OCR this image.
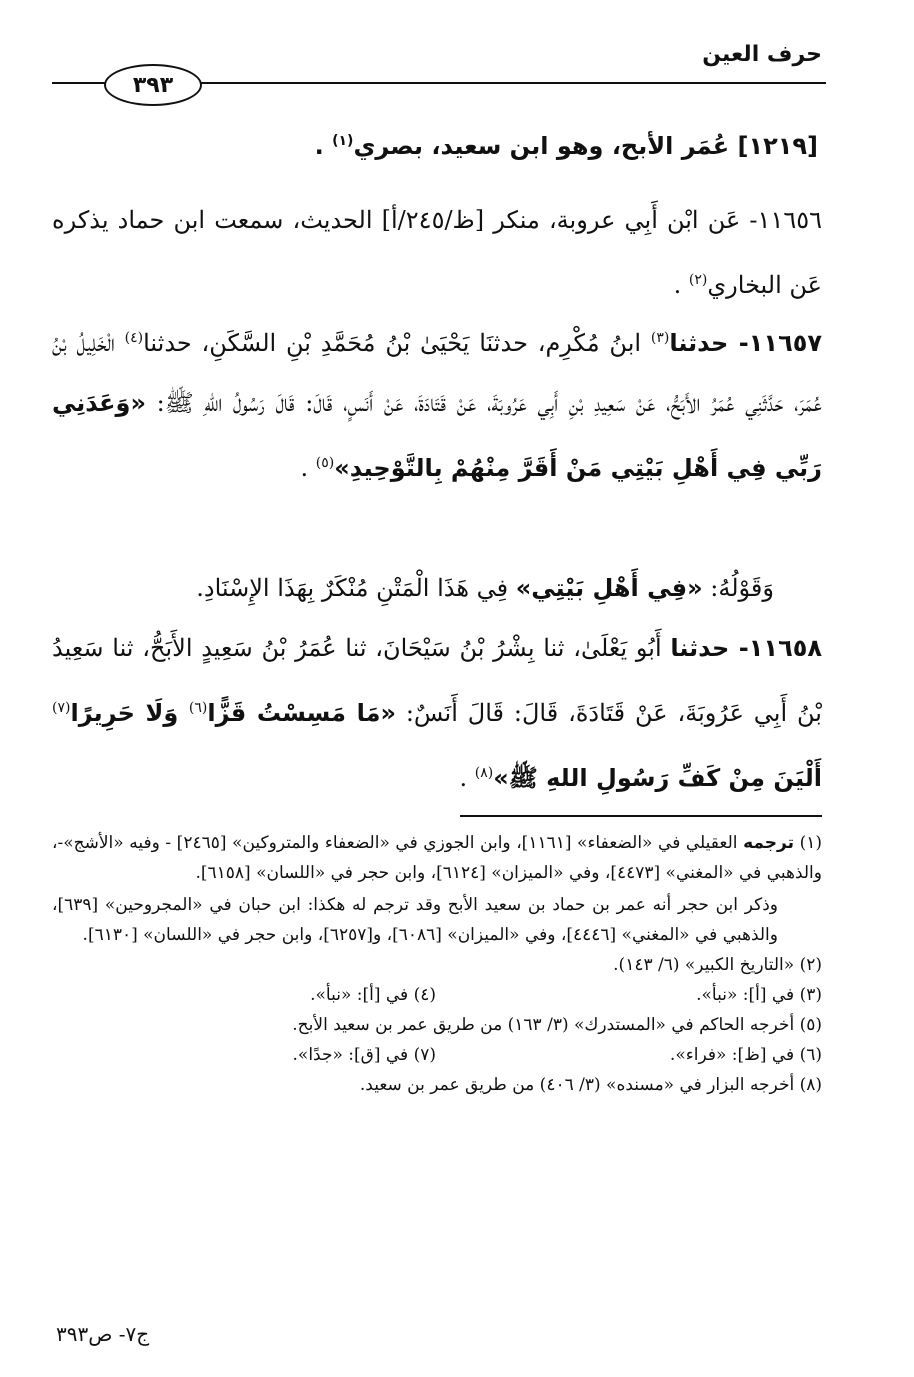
حرف العين
٣٩٣
[١٢١٩] عُمَر الأبح، وهو ابن سعيد، بصري$^{(١)}$ .
١١٦٥٦- عَن ابْن أَبِي عروبة، منكر [ظ/٢٤٥/أ] الحديث، سمعت ابن حماد يذكره عَن البخاري$^{(٢)}$ .
١١٦٥٧- حدثنا$^{(٣)}$ ابنُ مُكْرِم، حدثنَا يَحْيَىٰ بْنُ مُحَمَّدِ بْنِ السَّكَنِ، حدثنا$^{(٤)}$ الْخَلِيلُ بْنُ عُمَرَ، حَدَّثَنِي عُمَرُ الأَبَحُّ، عَنْ سَعِيدِ بْنِ أَبِي عَرُوبَةَ، عَنْ قَتَادَةَ، عَنْ أَنَسٍ، قَالَ: قَالَ رَسُولُ اللهِ ﷺ: «وَعَدَنِي رَبِّي فِي أَهْلِ بَيْتِي مَنْ أَقَرَّ مِنْهُمْ بِالتَّوْحِيدِ»$^{(٥)}$ .
وَقَوْلُهُ: «فِي أَهْلِ بَيْتِي» فِي هَذَا الْمَتْنِ مُنْكَرٌ بِهَذَا الإِسْنَادِ.
١١٦٥٨- حدثنا أَبُو يَعْلَىٰ، ثنا بِشْرُ بْنُ سَيْحَانَ، ثنا عُمَرُ بْنُ سَعِيدٍ الأَبَحُّ، ثنا سَعِيدُ بْنُ أَبِي عَرُوبَةَ، عَنْ قَتَادَةَ، قَالَ: قَالَ أَنَسٌ: «مَا مَسِسْتُ قَزًّا$^{(٦)}$ وَلَا حَرِيرًا$^{(٧)}$ أَلْيَنَ مِنْ كَفِّ رَسُولِ اللهِ ﷺ»$^{(٨)}$ .

(١) ترجمه العقيلي في «الضعفاء» [١١٦١]، وابن الجوزي في «الضعفاء والمتروكين» [٢٤٦٥] - وفيه «الأشج»-، والذهبي في «المغني» [٤٤٧٣]، وفي «الميزان» [٦١٢٤]، وابن حجر في «اللسان» [٦١٥٨].

وذكر ابن حجر أنه عمر بن حماد بن سعيد الأبح وقد ترجم له هكذا: ابن حبان في «المجروحين» [٦٣٩]، والذهبي في «المغني» [٤٤٤٦]، وفي «الميزان» [٦٠٨٦]، و[٦٢٥٧]، وابن حجر في «اللسان» [٦١٣٠].

(٢) «التاريخ الكبير» (٦/ ١٤٣).

(٣) في [أ]: «نبأ».
(٤) في [أ]: «نبأ».

(٥) أخرجه الحاكم في «المستدرك» (٣/ ١٦٣) من طريق عمر بن سعيد الأبح.

(٦) في [ظ]: «فراء».
(٧) في [ق]: «جدًا».

(٨) أخرجه البزار في «مسنده» (٣/ ٤٠٦) من طريق عمر بن سعيد.

ج٧- ص٣٩٣
